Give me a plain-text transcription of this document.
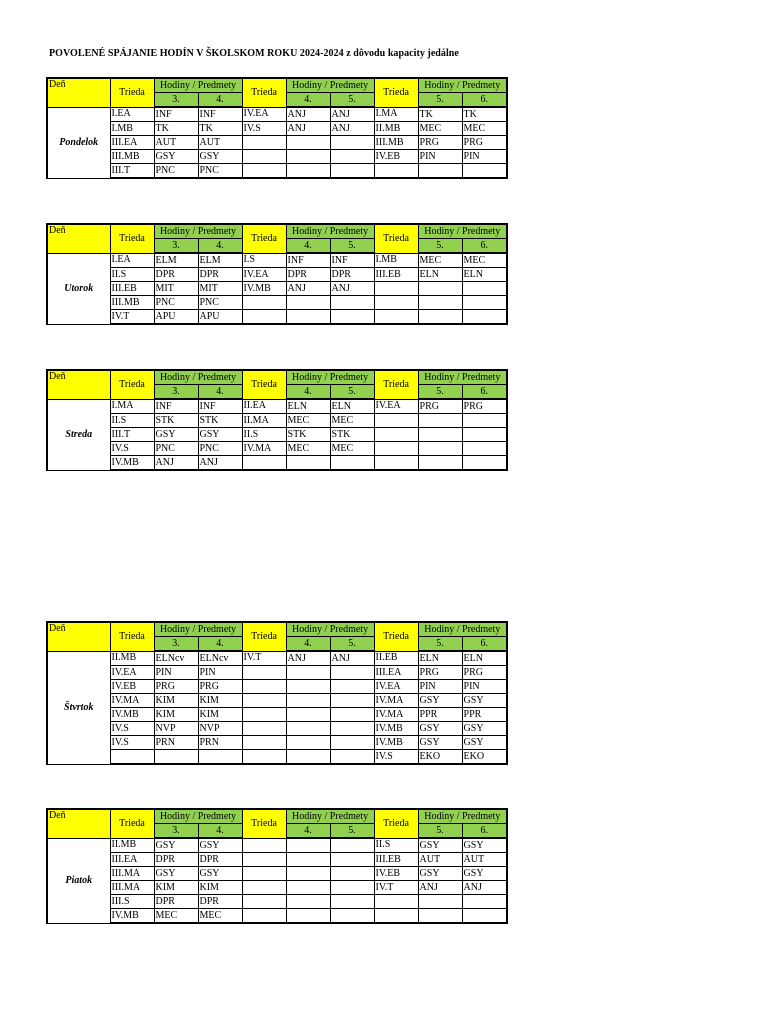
POVOLENÉ SPÁJANIE HODÍN V ŠKOLSKOM ROKU 2024-2024 z dôvodu kapacity jedálne
Deň	Trieda	Hodiny / Predmety		Trieda	Hodiny / Predmety		Trieda	Hodiny / Predmety	
		3.	4.		4.	5.		5.	6.
Pondelok	I.EA	INF	INF	IV.EA	ANJ	ANJ	I.MA	TK	TK
	I.MB	TK	TK	IV.S	ANJ	ANJ	II.MB	MEC	MEC
	III.EA	AUT	AUT				III.MB	PRG	PRG
	III.MB	GSY	GSY				IV.EB	PIN	PIN
	III.T	PNC	PNC						
Deň	Trieda	Hodiny / Predmety		Trieda	Hodiny / Predmety		Trieda	Hodiny / Predmety	
		3.	4.		4.	5.		5.	6.
Utorok	I.EA	ELM	ELM	I.S	INF	INF	I.MB	MEC	MEC
	II.S	DPR	DPR	IV.EA	DPR	DPR	III.EB	ELN	ELN
	III.EB	MIT	MIT	IV.MB	ANJ	ANJ			
	III.MB	PNC	PNC						
	IV.T	APU	APU						
Deň	Trieda	Hodiny / Predmety		Trieda	Hodiny / Predmety		Trieda	Hodiny / Predmety	
		3.	4.		4.	5.		5.	6.
Streda	I.MA	INF	INF	II.EA	ELN	ELN	IV.EA	PRG	PRG
	II.S	STK	STK	II.MA	MEC	MEC			
	III.T	GSY	GSY	II.S	STK	STK			
	IV.S	PNC	PNC	IV.MA	MEC	MEC			
	IV.MB	ANJ	ANJ						
Deň	Trieda	Hodiny / Predmety		Trieda	Hodiny / Predmety		Trieda	Hodiny / Predmety	
		3.	4.		4.	5.		5.	6.
Štvrtok	II.MB	ELNcv	ELNcv	IV.T	ANJ	ANJ	II.EB	ELN	ELN
	IV.EA	PIN	PIN				III.EA	PRG	PRG
	IV.EB	PRG	PRG				IV.EA	PIN	PIN
	IV.MA	KIM	KIM				IV.MA	GSY	GSY
	IV.MB	KIM	KIM				IV.MA	PPR	PPR
	IV.S	NVP	NVP				IV.MB	GSY	GSY
	IV.S	PRN	PRN				IV.MB	GSY	GSY
							IV.S	EKO	EKO
Deň	Trieda	Hodiny / Predmety		Trieda	Hodiny / Predmety		Trieda	Hodiny / Predmety	
		3.	4.		4.	5.		5.	6.
Piatok	II.MB	GSY	GSY				II.S	GSY	GSY
	III.EA	DPR	DPR				III.EB	AUT	AUT
	III.MA	GSY	GSY				IV.EB	GSY	GSY
	III.MA	KIM	KIM				IV.T	ANJ	ANJ
	III.S	DPR	DPR						
	IV.MB	MEC	MEC						
